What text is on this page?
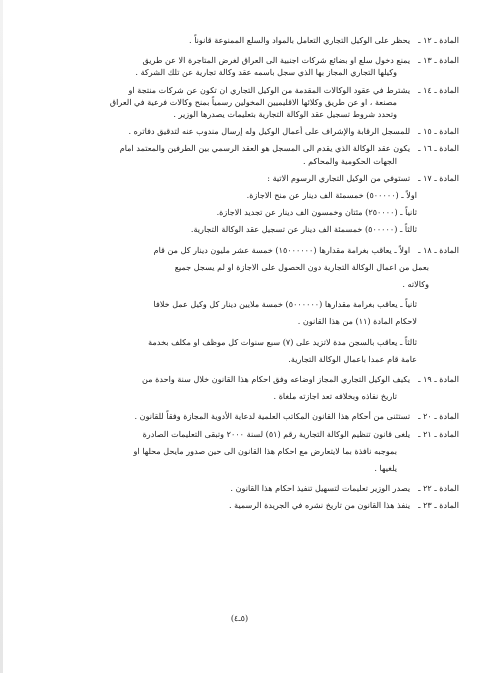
المادة ـ ١٢ ـ
يحظر على الوكيل التجاري التعامل بالمواد والسلع الممنوعة قانوناً .
المادة ـ ١٣ ـ
يمنع دخول سلع او بضائع شركات اجنبية الى العراق لغرض المتاجرة الا عن طريق
وكيلها التجاري المجاز بها الذي سجل باسمه عقد وكالة تجارية عن تلك الشركة .
المادة ـ ١٤ ـ
يشترط في عقود الوكالات المقدمة من الوكيل التجاري ان تكون عن شركات منتجة او
مصنعة ، او عن طريق وكلائها الاقليميين المخولين رسمياً بمنح وكالات فرعية في العراق
وتحدد شروط تسجيل عقد الوكالة التجارية بتعليمات يصدرها الوزير .
المادة ـ ١٥ ـ
للمسجل الرقابة والإشراف على أعمال الوكيل وله إرسال مندوب عنه لتدقيق دفاتره .
المادة ـ ١٦ ـ
يكون عقد الوكالة الذي يقدم الى المسجل هو العقد الرسمي بين الطرفين والمعتمد امام
الجهات الحكومية والمحاكم .
المادة ـ ١٧ ـ
تستوفي من الوكيل التجاري الرسوم الاتية :
اولاً ـ (٥٠٠٠٠٠) خمسمئة الف دينار عن منح الاجازة.
ثانياً ـ (٢٥٠٠٠٠) مئتان وخمسون الف دينار عن تجديد الاجازة.
ثالثاً ـ (٥٠٠٠٠٠) خمسمئة الف دينار عن تسجيل عقد الوكالة التجارية.
المادة ـ ١٨ ـ
اولاً ـ يعاقب بغرامة مقدارها (١٥٠٠٠٠٠٠) خمسة عشر مليون دينار كل من قام
بعمل من اعمال الوكالة التجارية دون الحصول على الاجازة او لم يسجل جميع
وكالاته .
ثانياً ـ يعاقب بغرامة مقدارها (٥٠٠٠٠٠٠) خمسة ملايين دينار كل وكيل عمل خلافا
لاحكام المادة (١١) من هذا القانون .
ثالثاً ـ يعاقب بالسجن مدة لاتزيد على (٧) سبع سنوات كل موظف او مكلف بخدمة
عامة قام عمدا باعمال الوكالة التجارية.
المادة ـ ١٩ ـ
يكيف الوكيل التجاري المجاز اوضاعه وفق احكام هذا القانون خلال سنة واحدة من
تاريخ نفاذه وبخلافه تعد اجازته ملغاة .
المادة ـ ٢٠ ـ
تستثنى من أحكام هذا القانون المكاتب العلمية لدعاية الأدوية المجازة وفقاً للقانون .
المادة ـ ٢١ ـ
يلغى قانون تنظيم الوكالة التجارية رقم (٥١) لسنة ٢٠٠٠ وتبقى التعليمات الصادرة
بموجبه نافذة بما لايتعارض مع احكام هذا القانون الى حين صدور مايحل محلها او
يلغيها .
المادة ـ ٢٢ ـ
يصدر الوزير تعليمات لتسهيل تنفيذ احكام هذا القانون .
المادة ـ ٢٣ ـ
ينفذ هذا القانون من تاريخ نشره في الجريدة الرسمية .
(٥ـ٤)
